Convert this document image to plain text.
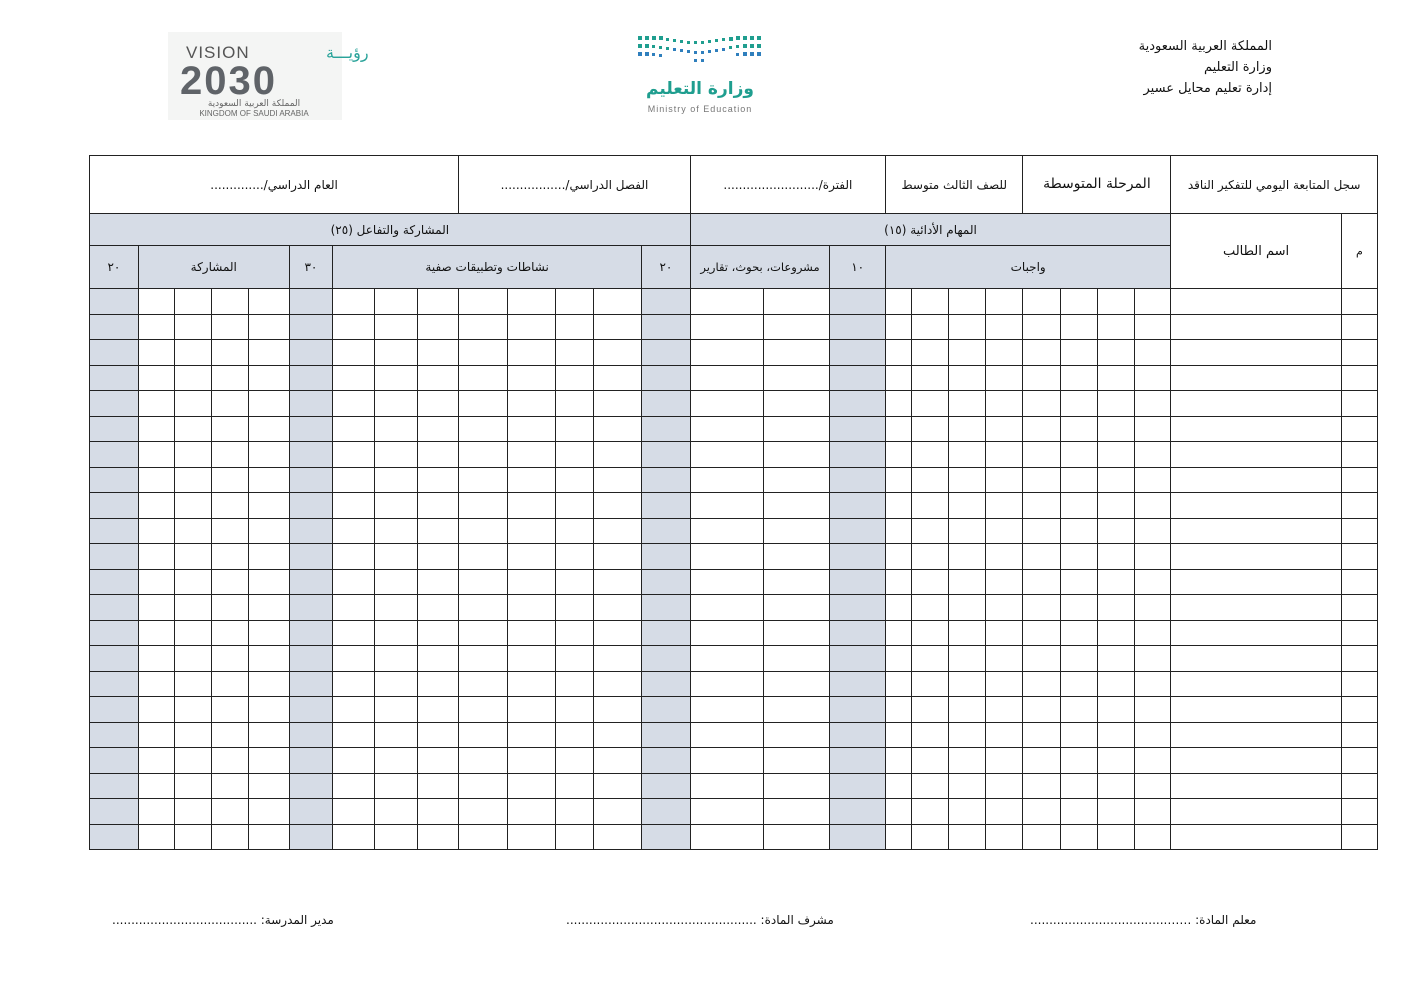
المملكة العربية السعودية
وزارة التعليم
إدارة تعليم محايل عسير
VISION	رؤيـــة
2030
المملكة العربية السعودية
KINGDOM OF SAUDI ARABIA
وزارة التعليم
Ministry of Education
سجل المتابعة اليومي للتفكير الناقد		المرحلة المتوسطة				للصف الثالث متوسط				الفترة/.........................			الفصل الدراسي/.................					العام الدراسي/..............								
م	اسم الطالب	المهام الأدائية (١٥)											المشاركة والتفاعل (٢٥)													
		واجبات								١٠	مشروعات، بحوث، تقارير		٢٠	نشاطات وتطبيقات صفية							٣٠	المشاركة				٢٠

معلم المادة: ……....................................
مشرف المادة: ..................................................
مدير المدرسة: ......................................
